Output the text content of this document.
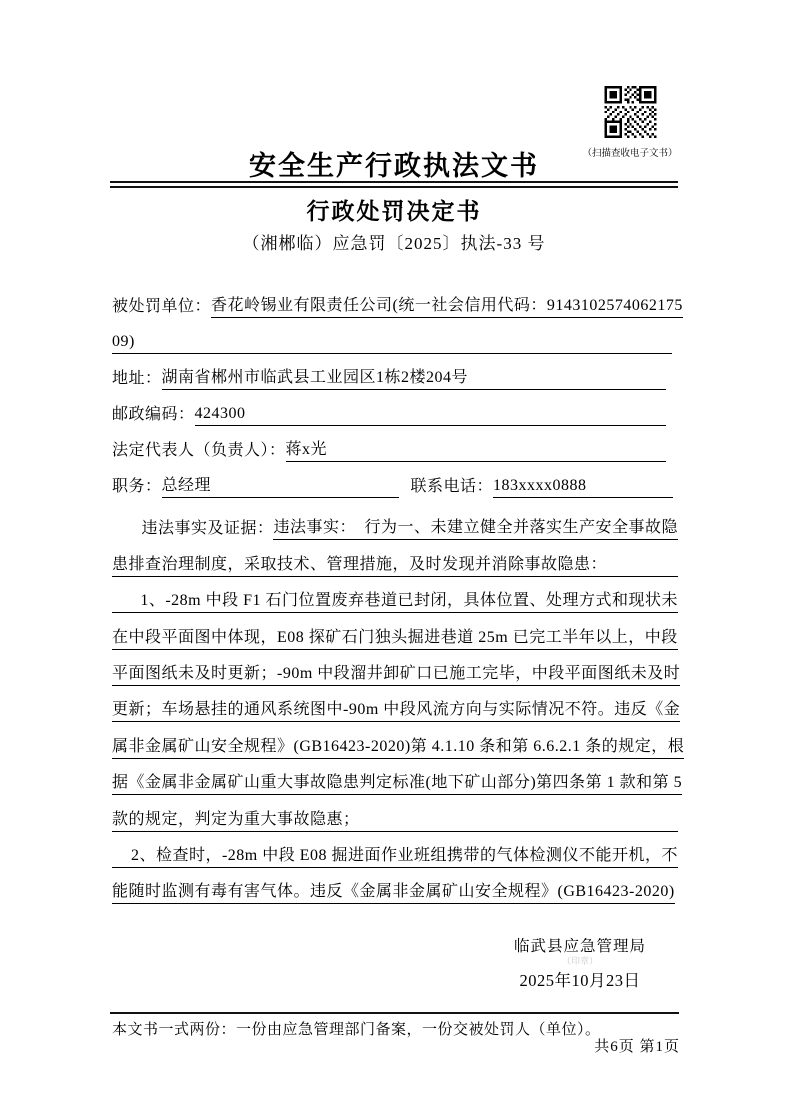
（扫描查收电子文书）
安全生产行政执法文书
行政处罚决定书
（湘郴临）应急罚〔2025〕执法-33 号
被处罚单位： 香花岭锡业有限责任公司(统一社会信用代码：9143102574062175
09)
地址： 湖南省郴州市临武县工业园区1栋2楼204号
邮政编码： 424300
法定代表人（负责人）： 蒋x光
职务： 总经理	联系电话： 183xxxx0888
违法事实及证据： 违法事实：　行为一、未建立健全并落实生产安全事故隐
患排查治理制度，采取技术、管理措施，及时发现并消除事故隐患：
1、-28m 中段 F1 石门位置废弃巷道已封闭，具体位置、处理方式和现状未
在中段平面图中体现，E08 探矿石门独头掘进巷道 25m 已完工半年以上，中段
平面图纸未及时更新；-90m 中段溜井卸矿口已施工完毕，中段平面图纸未及时
更新；车场悬挂的通风系统图中-90m 中段风流方向与实际情况不符。违反《金
属非金属矿山安全规程》(GB16423-2020)第 4.1.10 条和第 6.6.2.1 条的规定，根
据《金属非金属矿山重大事故隐患判定标准(地下矿山部分)第四条第 1 款和第 5
款的规定，判定为重大事故隐惠；
2、检查时，-28m 中段 E08 掘进面作业班组携带的气体检测仪不能开机，不
能随时监测有毒有害气体。违反《金属非金属矿山安全规程》(GB16423-2020)
临武县应急管理局
（印章）
2025年10月23日
本文书一式两份：一份由应急管理部门备案，一份交被处罚人（单位）。
共6页 第1页
